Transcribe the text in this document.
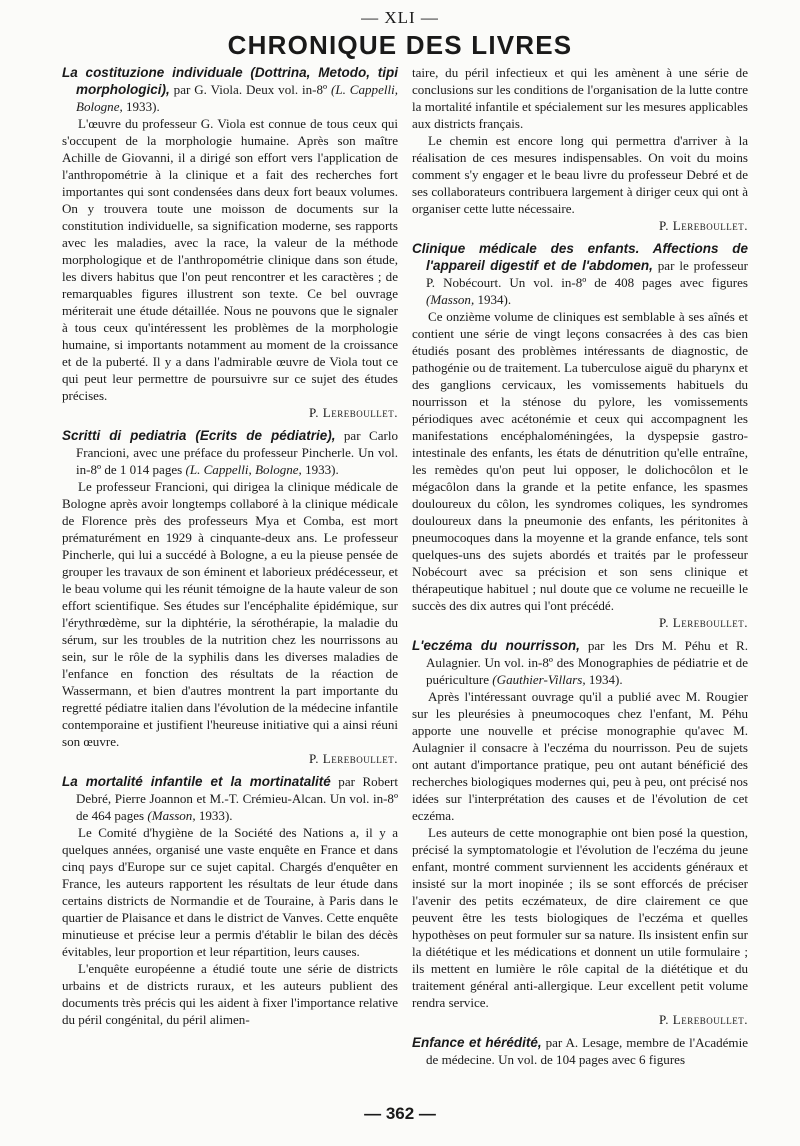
— XLI —
CHRONIQUE DES LIVRES

La costituzione individuale (Dottrina, Metodo, tipi morphologici), par G. Viola. Deux vol. in-8º (L. Cappelli, Bologne, 1933).

L'œuvre du professeur G. Viola est connue de tous ceux qui s'occupent de la morphologie humaine. Après son maître Achille de Giovanni, il a dirigé son effort vers l'application de l'anthropométrie à la clinique et a fait des recherches fort importantes qui sont condensées dans deux fort beaux volumes. On y trouvera toute une moisson de documents sur la constitution individuelle, sa signification moderne, ses rapports avec les maladies, avec la race, la valeur de la méthode morphologique et de l'anthropométrie clinique dans son étude, les divers habitus que l'on peut rencontrer et les caractères ; de remarquables figures illustrent son texte. Ce bel ouvrage mériterait une étude détaillée. Nous ne pouvons que le signaler à tous ceux qu'intéressent les problèmes de la morphologie humaine, si importants notamment au moment de la croissance et de la puberté. Il y a dans l'admirable œuvre de Viola tout ce qui peut leur permettre de poursuivre sur ce sujet des études précises.

P. Lereboullet.

Scritti di pediatria (Ecrits de pédiatrie), par Carlo Francioni, avec une préface du professeur Pincherle. Un vol. in-8º de 1 014 pages (L. Cappelli, Bologne, 1933).

Le professeur Francioni, qui dirigea la clinique médicale de Bologne après avoir longtemps collaboré à la clinique médicale de Florence près des professeurs Mya et Comba, est mort prématurément en 1929 à cinquante-deux ans. Le professeur Pincherle, qui lui a succédé à Bologne, a eu la pieuse pensée de grouper les travaux de son éminent et laborieux prédécesseur, et le beau volume qui les réunit témoigne de la haute valeur de son effort scientifique. Ses études sur l'encéphalite épidémique, sur l'érythrœdème, sur la diphtérie, la sérothérapie, la maladie du sérum, sur les troubles de la nutrition chez les nourrissons au sein, sur le rôle de la syphilis dans les diverses maladies de l'enfance en fonction des résultats de la réaction de Wassermann, et bien d'autres montrent la part importante du regretté pédiatre italien dans l'évolution de la médecine infantile contemporaine et justifient l'heureuse initiative qui a ainsi réuni son œuvre.

P. Lereboullet.

La mortalité infantile et la mortinatalité par Robert Debré, Pierre Joannon et M.-T. Crémieu-Alcan. Un vol. in-8º de 464 pages (Masson, 1933).

Le Comité d'hygiène de la Société des Nations a, il y a quelques années, organisé une vaste enquête en France et dans cinq pays d'Europe sur ce sujet capital. Chargés d'enquêter en France, les auteurs rapportent les résultats de leur étude dans certains districts de Normandie et de Touraine, à Paris dans le quartier de Plaisance et dans le district de Vanves. Cette enquête minutieuse et précise leur a permis d'établir le bilan des décès évitables, leur proportion et leur répartition, leurs causes.

L'enquête européenne a étudié toute une série de districts urbains et de districts ruraux, et les auteurs publient des documents très précis qui les aident à fixer l'importance relative du péril congénital, du péril alimen-

taire, du péril infectieux et qui les amènent à une série de conclusions sur les conditions de l'organisation de la lutte contre la mortalité infantile et spécialement sur les mesures applicables aux districts français.

Le chemin est encore long qui permettra d'arriver à la réalisation de ces mesures indispensables. On voit du moins comment s'y engager et le beau livre du professeur Debré et de ses collaborateurs contribuera largement à diriger ceux qui ont à organiser cette lutte nécessaire.

P. Lereboullet.

Clinique médicale des enfants. Affections de l'appareil digestif et de l'abdomen, par le professeur P. Nobécourt. Un vol. in-8º de 408 pages avec figures (Masson, 1934).

Ce onzième volume de cliniques est semblable à ses aînés et contient une série de vingt leçons consacrées à des cas bien étudiés posant des problèmes intéressants de diagnostic, de pathogénie ou de traitement. La tuberculose aiguë du pharynx et des ganglions cervicaux, les vomissements habituels du nourrisson et la sténose du pylore, les vomissements périodiques avec acétonémie et ceux qui accompagnent les manifestations encéphaloméningées, la dyspepsie gastro-intestinale des enfants, les états de dénutrition qu'elle entraîne, les remèdes qu'on peut lui opposer, le dolichocôlon et le mégacôlon dans la grande et la petite enfance, les spasmes douloureux du côlon, les syndromes coliques, les syndromes douloureux dans la pneumonie des enfants, les péritonites à pneumocoques dans la moyenne et la grande enfance, tels sont quelques-uns des sujets abordés et traités par le professeur Nobécourt avec sa précision et son sens clinique et thérapeutique habituel ; nul doute que ce volume ne recueille le succès des dix autres qui l'ont précédé.

P. Lereboullet.

L'eczéma du nourrisson, par les Drs M. Péhu et R. Aulagnier. Un vol. in-8º des Monographies de pédiatrie et de puériculture (Gauthier-Villars, 1934).

Après l'intéressant ouvrage qu'il a publié avec M. Rougier sur les pleurésies à pneumocoques chez l'enfant, M. Péhu apporte une nouvelle et précise monographie qu'avec M. Aulagnier il consacre à l'eczéma du nourrisson. Peu de sujets ont autant d'importance pratique, peu ont autant bénéficié des recherches biologiques modernes qui, peu à peu, ont précisé nos idées sur l'interprétation des causes et de l'évolution de cet eczéma.

Les auteurs de cette monographie ont bien posé la question, précisé la symptomatologie et l'évolution de l'eczéma du jeune enfant, montré comment surviennent les accidents généraux et insisté sur la mort inopinée ; ils se sont efforcés de préciser l'avenir des petits eczémateux, de dire clairement ce que peuvent être les tests biologiques de l'eczéma et quelles hypothèses on peut formuler sur sa nature. Ils insistent enfin sur la diététique et les médications et donnent un utile formulaire ; ils mettent en lumière le rôle capital de la diététique et du traitement général anti-allergique. Leur excellent petit volume rendra service.

P. Lereboullet.

Enfance et hérédité, par A. Lesage, membre de l'Académie de médecine. Un vol. de 104 pages avec 6 figures

— 362 —
